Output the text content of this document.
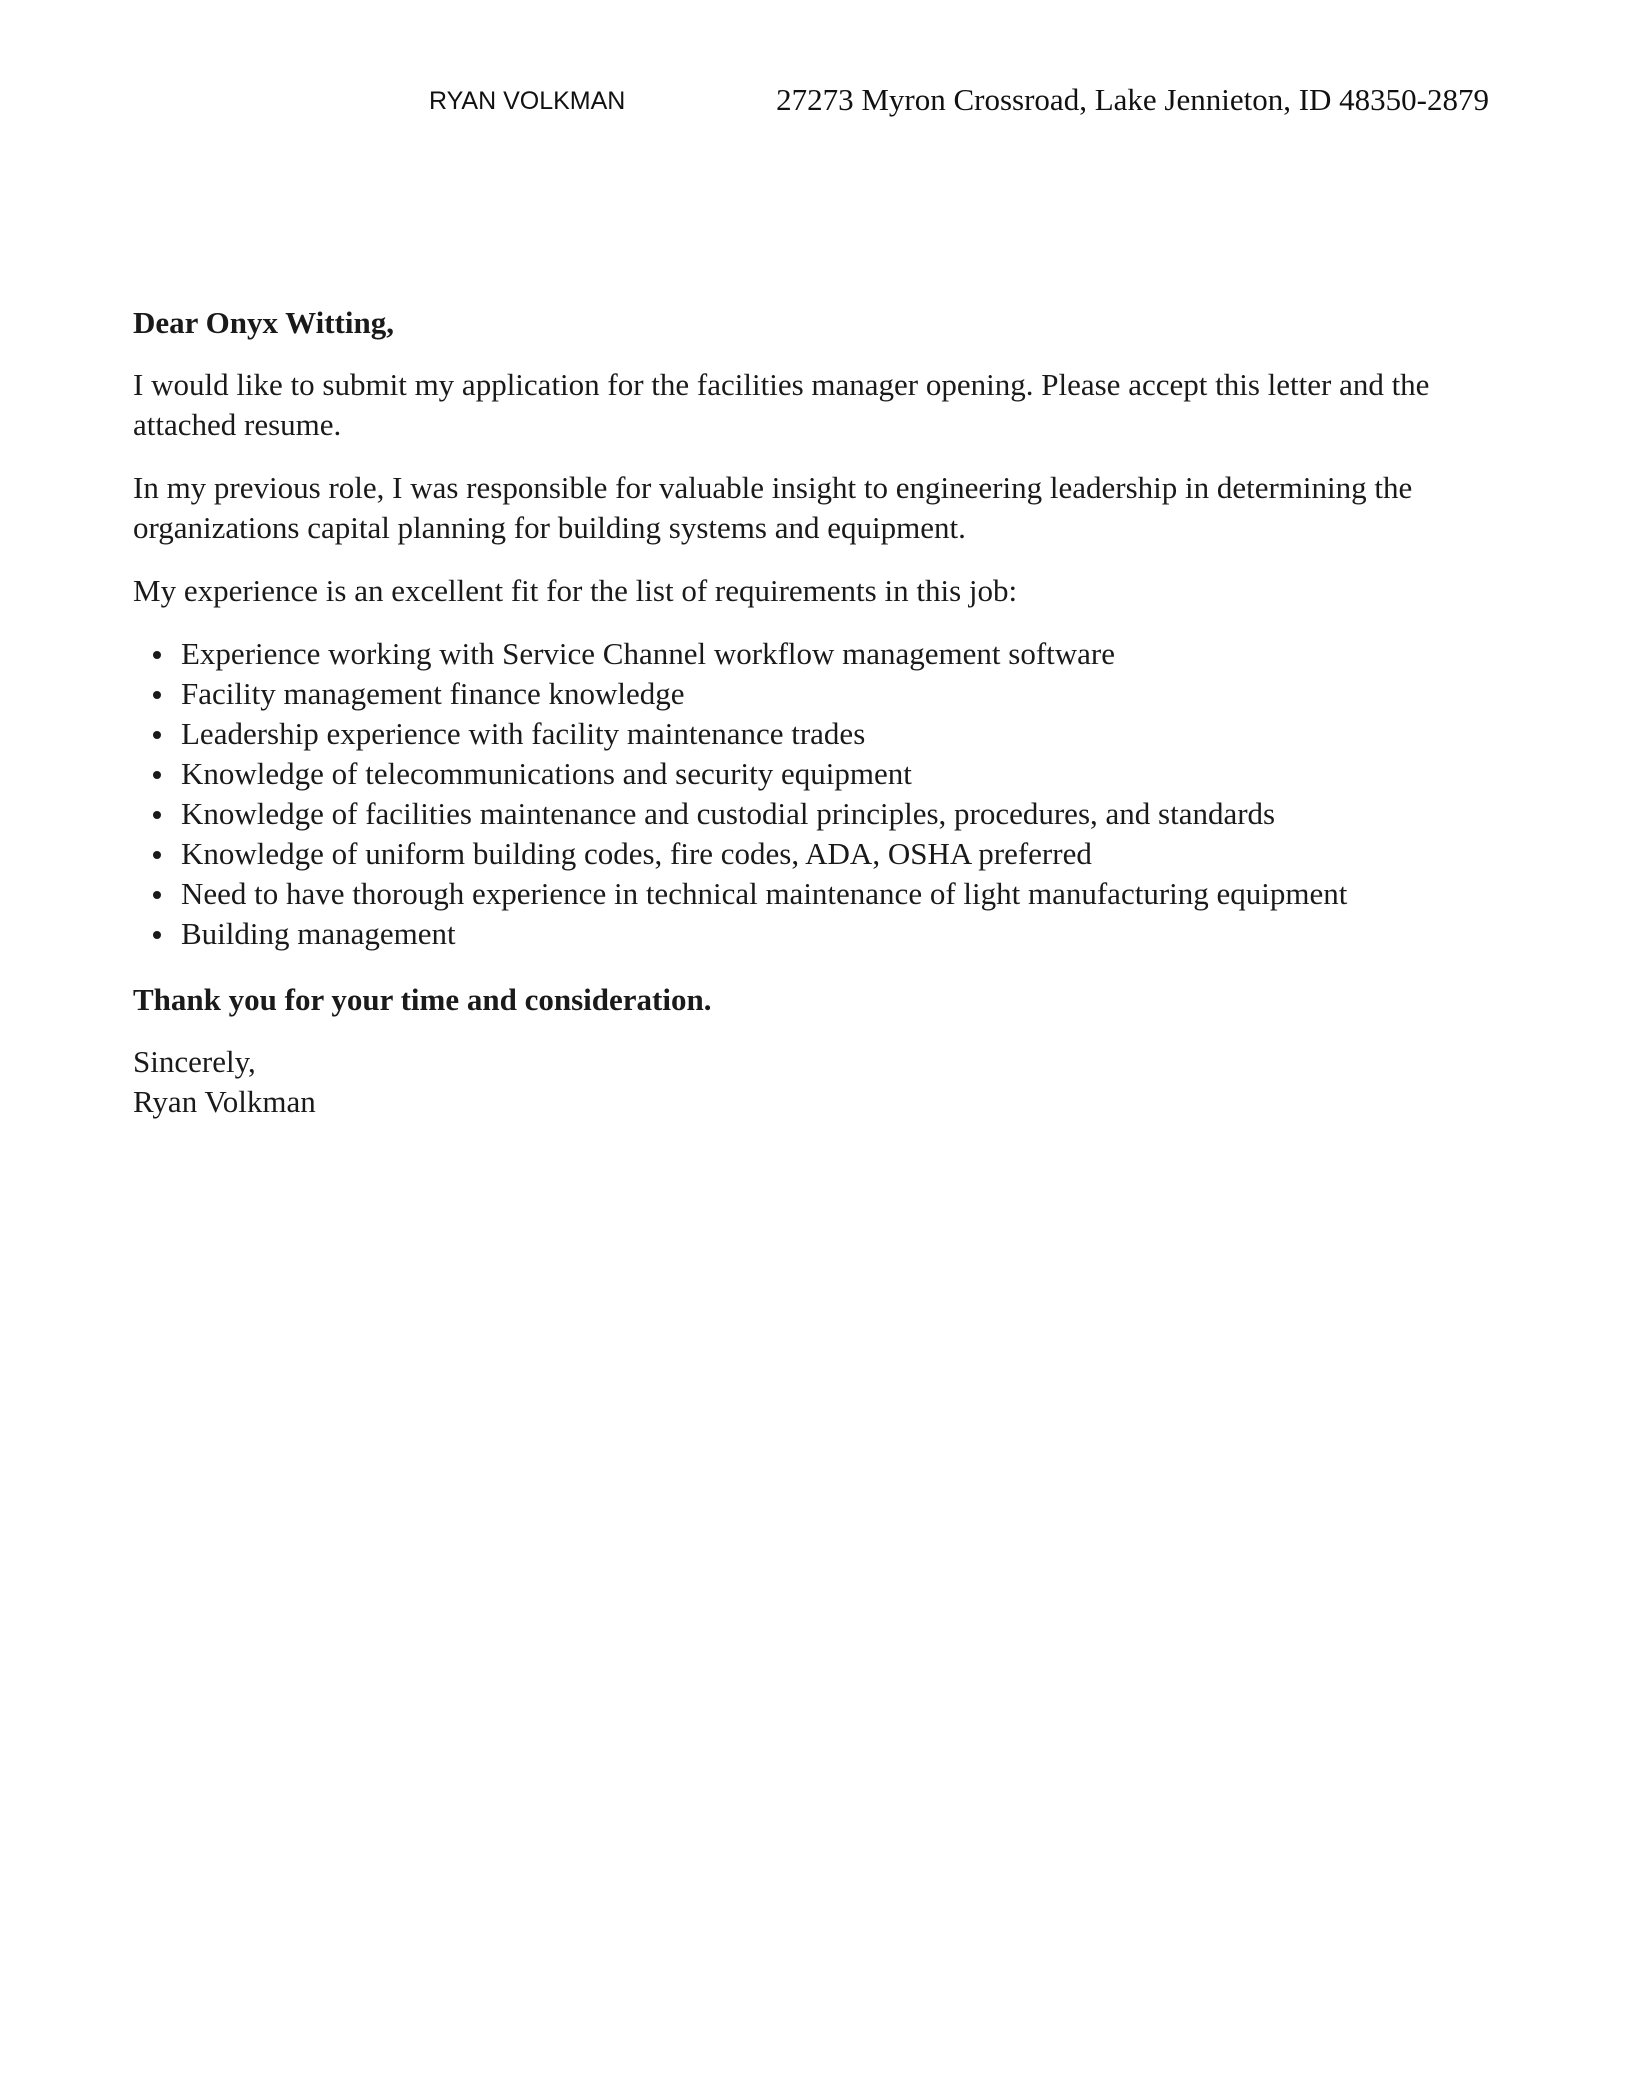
RYAN VOLKMAN	27273 Myron Crossroad, Lake Jennieton, ID 48350-2879

Dear Onyx Witting,

I would like to submit my application for the facilities manager opening. Please accept this letter and the attached resume.

In my previous role, I was responsible for valuable insight to engineering leadership in determining the organizations capital planning for building systems and equipment.

My experience is an excellent fit for the list of requirements in this job:

Experience working with Service Channel workflow management software
Facility management finance knowledge
Leadership experience with facility maintenance trades
Knowledge of telecommunications and security equipment
Knowledge of facilities maintenance and custodial principles, procedures, and standards
Knowledge of uniform building codes, fire codes, ADA, OSHA preferred
Need to have thorough experience in technical maintenance of light manufacturing equipment
Building management

Thank you for your time and consideration.

Sincerely,
Ryan Volkman
